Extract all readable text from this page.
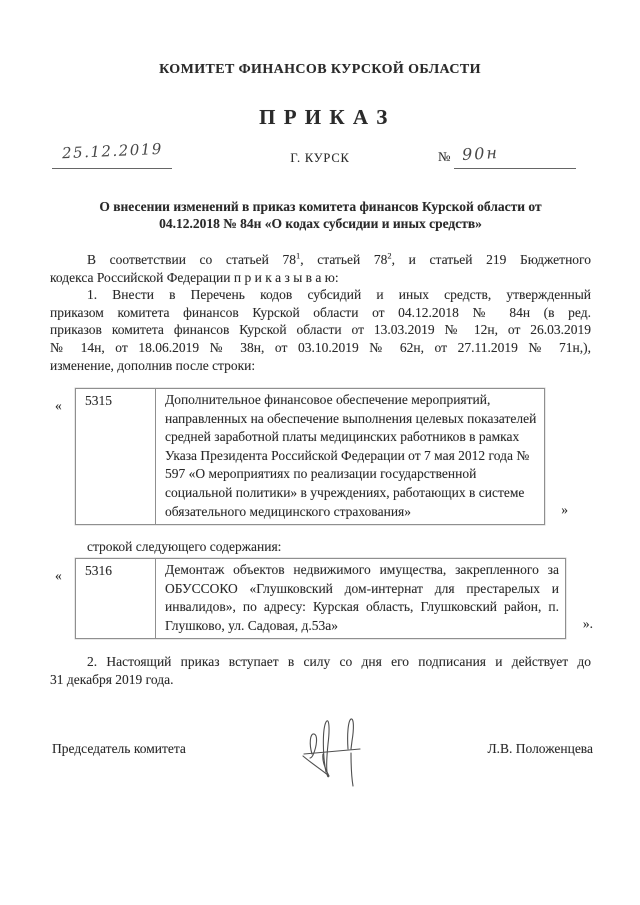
КОМИТЕТ ФИНАНСОВ КУРСКОЙ ОБЛАСТИ
П Р И К А З
25.12.2019	Г. КУРСК	№ 90н
О внесении изменений в приказ комитета финансов Курской области от
04.12.2018 № 84н «О кодах субсидии и иных средств»

В соответствии со статьей $78^1$, статьей $78^2$, и статьей 219 Бюджетного
кодекса Российской Федерации п р и к а з ы в а ю:

1. Внести в Перечень кодов субсидий и иных средств, утвержденный
приказом комитета финансов Курской области от 04.12.2018 № 84н (в ред.
приказов комитета финансов Курской области от 13.03.2019 № 12н, от 26.03.2019
№ 14н, от 18.06.2019 № 38н, от 03.10.2019 № 62н, от 27.11.2019 № 71н,),
изменение, дополнив после строки:

«	5315	Дополнительное финансовое обеспечение мероприятий, направленных на обеспечение выполнения целевых показателей средней заработной платы медицинских работников в рамках Указа Президента Российской Федерации от 7 мая 2012 года № 597 «О мероприятиях по реализации государственной социальной политики» в учреждениях, работающих в системе обязательного медицинского страхования»	»
строкой следующего содержания:
«	5316	Демонтаж объектов недвижимого имущества, закрепленного за ОБУССОКО «Глушковский дом-интернат для престарелых и инвалидов», по адресу: Курская область, Глушковский район, п. Глушково, ул. Садовая, д.53а»	».

2. Настоящий приказ вступает в силу со дня его подписания и действует до
31 декабря 2019 года.

Председатель комитета	Л.В. Положенцева
